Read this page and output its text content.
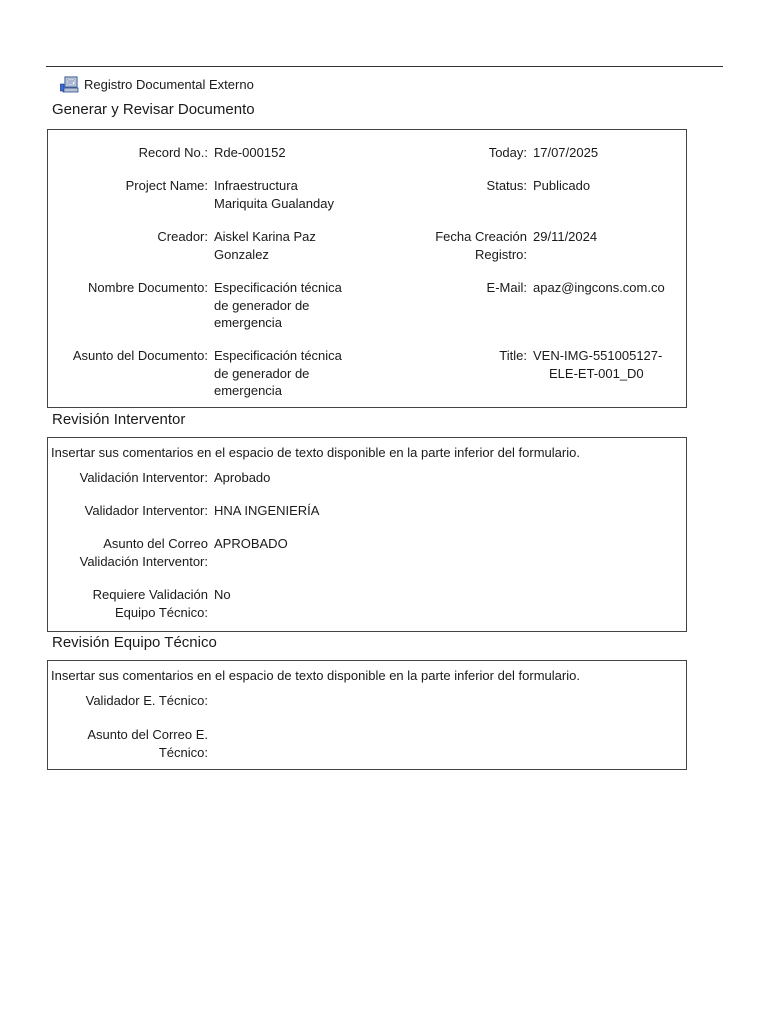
Registro Documental Externo
Generar y Revisar Documento
Record No.: Rde-000152	Today: 17/07/2025
Project Name: Infraestructura
Mariquita Gualanday
Status: Publicado
Creador: Aiskel Karina Paz
Gonzalez
Fecha Creación
Registro:
29/11/2024
Nombre Documento: Especificación técnica
de generador de
emergencia
E-Mail: apaz@ingcons.com.co
Asunto del Documento: Especificación técnica
de generador de
emergencia
Title: VEN-IMG-551005127-
ELE-ET-001_D0
Revisión Interventor
Insertar sus comentarios en el espacio de texto disponible en la parte inferior del formulario.
Validación Interventor: Aprobado
Validador Interventor: HNA INGENIERÍA
Asunto del Correo
Validación Interventor:
APROBADO
Requiere Validación
Equipo Técnico:
No
Revisión Equipo Técnico
Insertar sus comentarios en el espacio de texto disponible en la parte inferior del formulario.
Validador E. Técnico:
Asunto del Correo E.
Técnico:
